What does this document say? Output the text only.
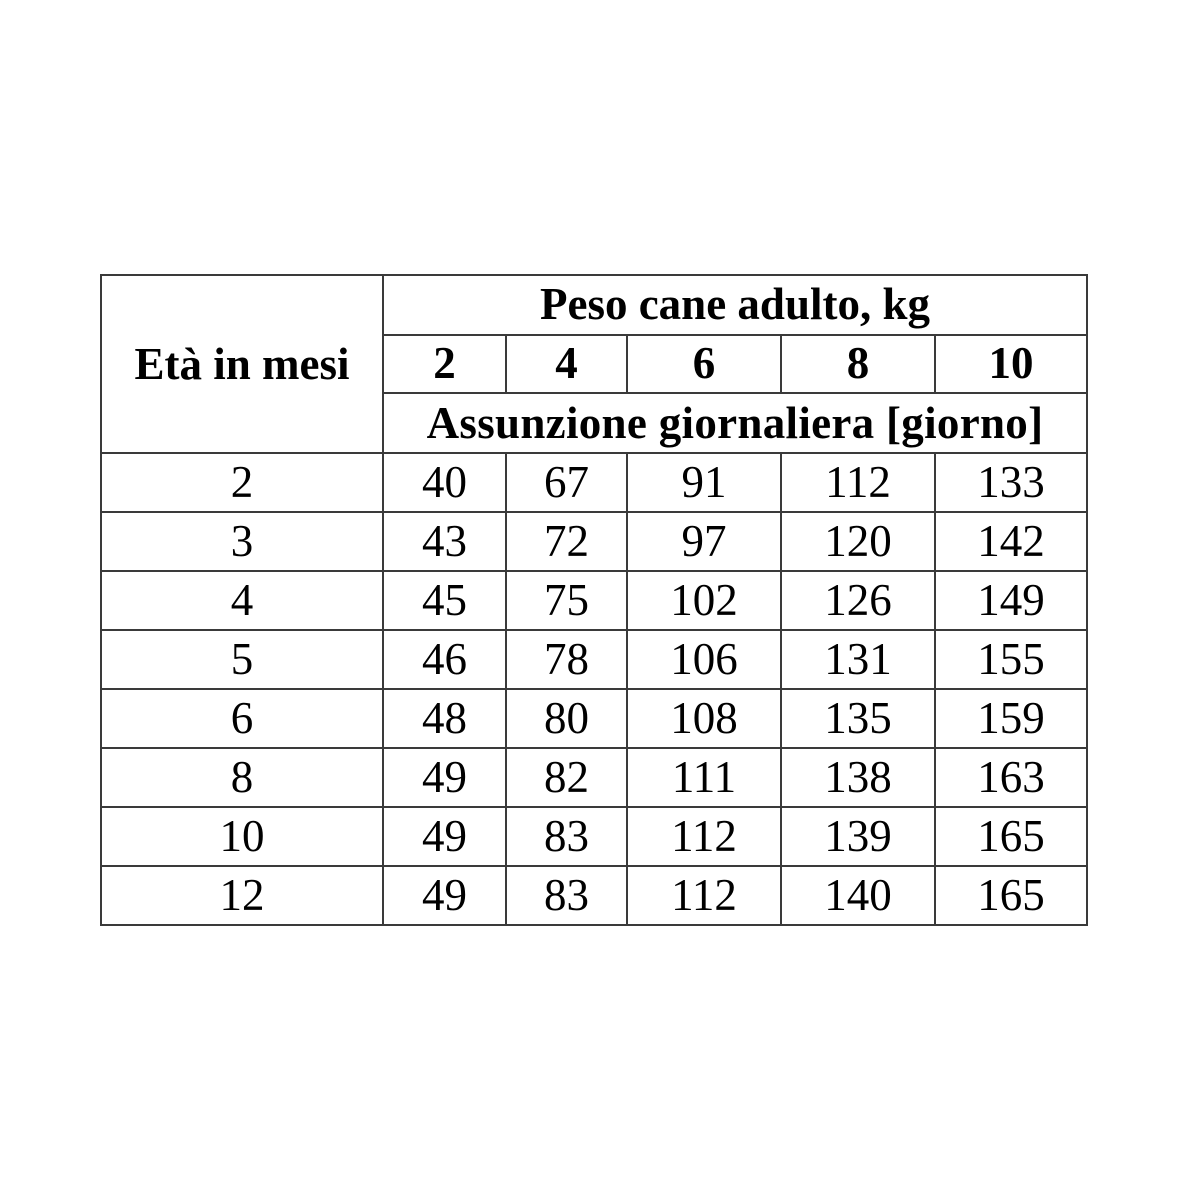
Età in mesi	Peso cane adulto, kg				
	2	4	6	8	10
	Assunzione giornaliera [giorno]				
2	40	67	91	112	133
3	43	72	97	120	142
4	45	75	102	126	149
5	46	78	106	131	155
6	48	80	108	135	159
8	49	82	111	138	163
10	49	83	112	139	165
12	49	83	112	140	165
